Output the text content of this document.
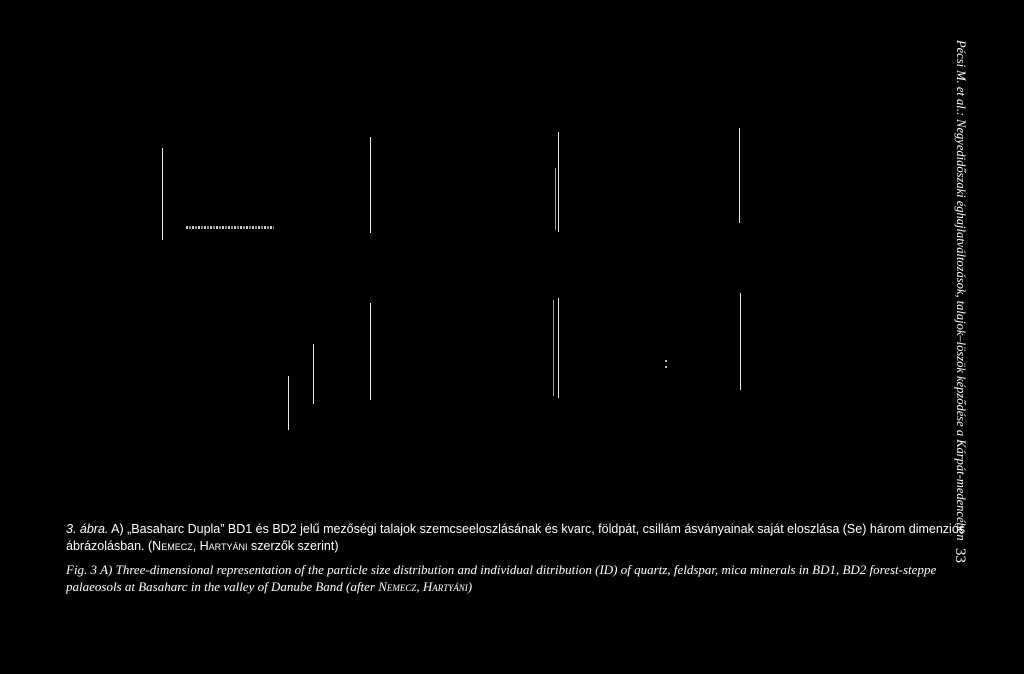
3. ábra. A) „Basaharc Dupla” BD1 és BD2 jelű mezőségi talajok szemcseeloszlásának és kvarc, földpát, csillám ásványainak saját eloszlása (Se) három dimenziós
ábrázolásban. (Nemecz, Hartyáni szerzők szerint)
Fig. 3 A) Three-dimensional representation of the particle size distribution and individual ditribution (ID) of quartz, feldspar, mica minerals in BD1, BD2 forest-steppe
palaeosols at Basaharc in the valley of Danube Band (after Nemecz, Hartyáni)
Pécsi M. et al.: Negyedidőszaki éghajlatváltozások, talajok–löszök képződése a Kárpát-medencében
33
